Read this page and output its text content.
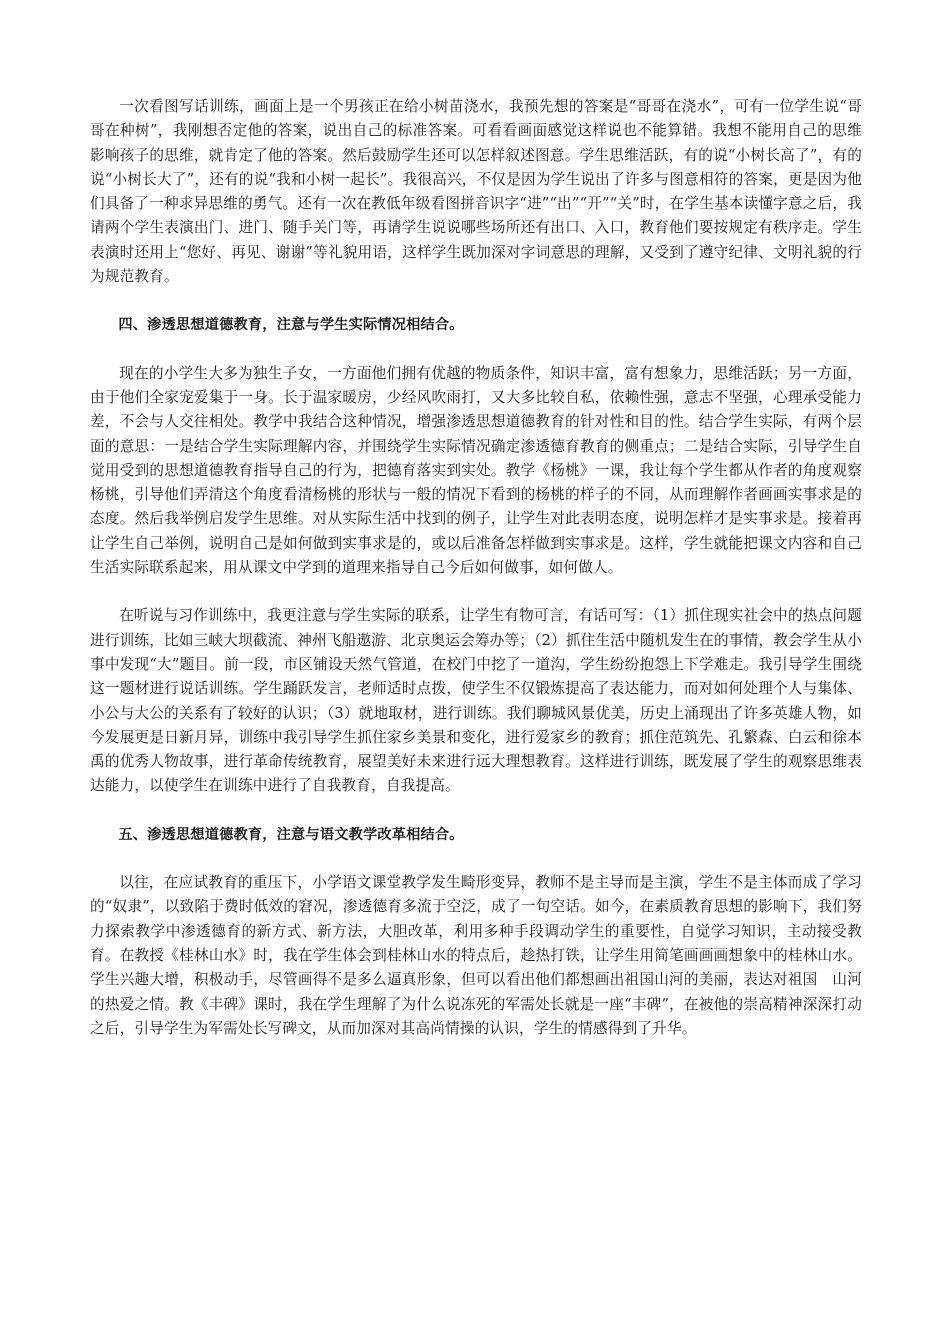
一次看图写话训练，画面上是一个男孩正在给小树苗浇水，我预先想的答案是“哥哥在浇水”，可有一位学生说“哥哥在种树”，我刚想否定他的答案，说出自己的标准答案。可看看画面感觉这样说也不能算错。我想不能用自己的思维影响孩子的思维，就肯定了他的答案。然后鼓励学生还可以怎样叙述图意。学生思维活跃，有的说“小树长高了”，有的说“小树长大了”，还有的说“我和小树一起长”。我很高兴，不仅是因为学生说出了许多与图意相符的答案，更是因为他们具备了一种求异思维的勇气。还有一次在教低年级看图拼音识字“进”“出”“开”“关”时，在学生基本读懂字意之后，我请两个学生表演出门、进门、随手关门等，再请学生说说哪些场所还有出口、入口，教育他们要按规定有秩序走。学生表演时还用上“您好、再见、谢谢”等礼貌用语，这样学生既加深对字词意思的理解，又受到了遵守纪律、文明礼貌的行为规范教育。

四、渗透思想道德教育，注意与学生实际情况相结合。

现在的小学生大多为独生子女，一方面他们拥有优越的物质条件，知识丰富，富有想象力，思维活跃；另一方面，由于他们全家宠爱集于一身。长于温家暖房，少经风吹雨打，又大多比较自私，依赖性强，意志不坚强，心理承受能力差，不会与人交往相处。教学中我结合这种情况，增强渗透思想道德教育的针对性和目的性。结合学生实际，有两个层面的意思：一是结合学生实际理解内容，并围绕学生实际情况确定渗透德育教育的侧重点；二是结合实际，引导学生自觉用受到的思想道德教育指导自己的行为，把德育落实到实处。教学《杨桃》一课，我让每个学生都从作者的角度观察杨桃，引导他们弄清这个角度看清杨桃的形状与一般的情况下看到的杨桃的样子的不同，从而理解作者画画实事求是的态度。然后我举例启发学生思维。对从实际生活中找到的例子，让学生对此表明态度，说明怎样才是实事求是。接着再让学生自己举例，说明自己是如何做到实事求是的，或以后准备怎样做到实事求是。这样，学生就能把课文内容和自己生活实际联系起来，用从课文中学到的道理来指导自己今后如何做事，如何做人。

在听说与习作训练中，我更注意与学生实际的联系，让学生有物可言，有话可写：（1）抓住现实社会中的热点问题进行训练，比如三峡大坝截流、神州飞船遨游、北京奥运会筹办等；（2）抓住生活中随机发生在的事情，教会学生从小事中发现“大”题目。前一段，市区铺设天然气管道，在校门中挖了一道沟，学生纷纷抱怨上下学难走。我引导学生围绕这一题材进行说话训练。学生踊跃发言，老师适时点拨，使学生不仅锻炼提高了表达能力，而对如何处理个人与集体、小公与大公的关系有了较好的认识；（3）就地取材，进行训练。我们聊城风景优美，历史上涌现出了许多英雄人物，如今发展更是日新月异，训练中我引导学生抓住家乡美景和变化，进行爱家乡的教育；抓住范筑先、孔繁森、白云和徐本禹的优秀人物故事，进行革命传统教育，展望美好未来进行远大理想教育。这样进行训练，既发展了学生的观察思维表达能力，以使学生在训练中进行了自我教育，自我提高。

五、渗透思想道德教育，注意与语文教学改革相结合。

以往，在应试教育的重压下，小学语文课堂教学发生畸形变异，教师不是主导而是主演，学生不是主体而成了学习的“奴隶”，以致陷于费时低效的窘况，渗透德育多流于空泛，成了一句空话。如今，在素质教育思想的影响下，我们努力探索教学中渗透德育的新方式、新方法，大胆改革，利用多种手段调动学生的重要性，自觉学习知识，主动接受教育。在教授《桂林山水》时，我在学生体会到桂林山水的特点后，趁热打铁，让学生用简笔画画画想象中的桂林山水。学生兴趣大增，积极动手，尽管画得不是多么逼真形象，但可以看出他们都想画出祖国山河的美丽，表达对祖国　山河的热爱之情。教《丰碑》课时，我在学生理解了为什么说冻死的军需处长就是一座“丰碑”，在被他的崇高精神深深打动之后，引导学生为军需处长写碑文，从而加深对其高尚情操的认识，学生的情感得到了升华。
